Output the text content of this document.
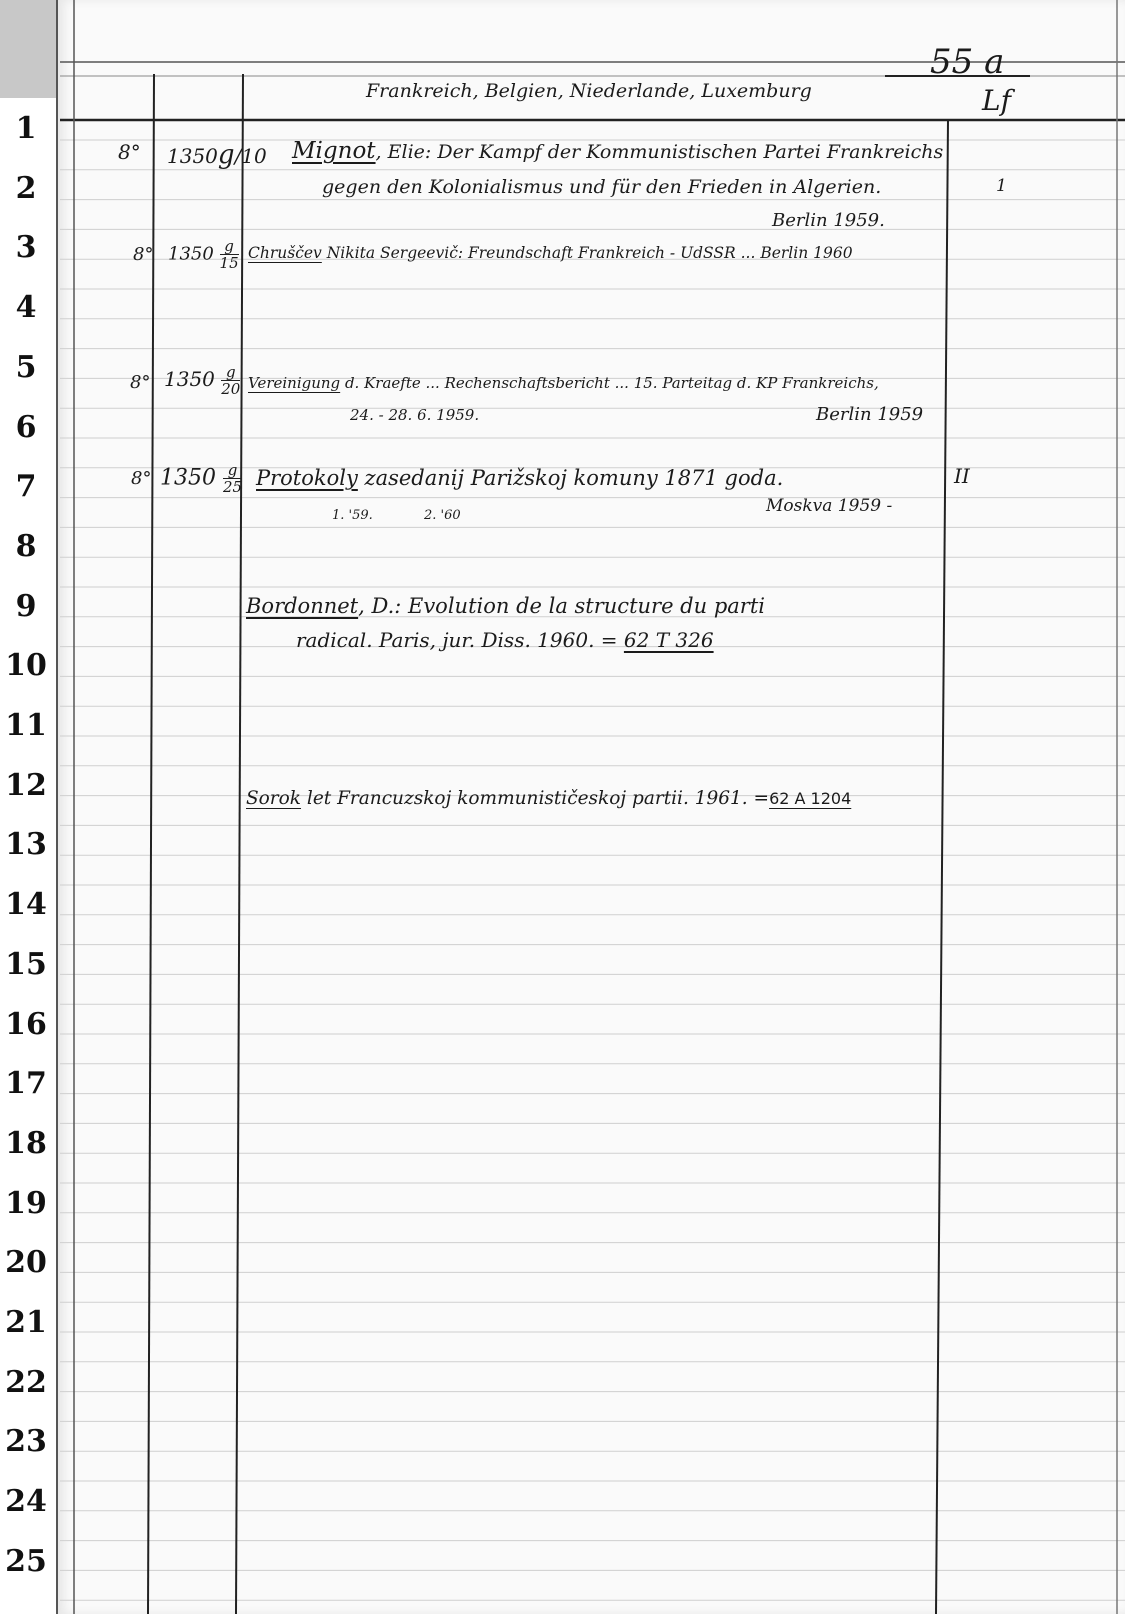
1
2
3
4
5
6
7
8
9
10
11
12
13
14
15
16
17
18
19
20
21
22
23
24
25
55 a
Lf
Frankreich, Belgien, Niederlande, Luxemburg
8° 1350g/10 Mignot, Elie: Der Kampf der Kommunistischen Partei Frankreichs
gegen den Kolonialismus und für den Frieden in Algerien.
Berlin 1959.
1
8° $1350 \frac{g}{15}$ Chruščev Nikita Sergeevič: Freundschaft Frankreich - UdSSR ... Berlin 1960
8° $1350 \frac{g}{20}$ Vereinigung d. Kraefte ... Rechenschaftsbericht ... 15. Parteitag d. KP Frankreichs,
24. - 28. 6. 1959.	Berlin 1959
8° $1350 \frac{g}{25}$ Protokoly zasedanij Parižskoj komuny 1871 goda.
1. '59.	2. '60	Moskva 1959 -
II
Bordonnet, D.: Evolution de la structure du parti
radical. Paris, jur. Diss. 1960. = 62 T 326
Sorok let Francuzskoj kommunističeskoj partii. 1961. =62 A 1204
